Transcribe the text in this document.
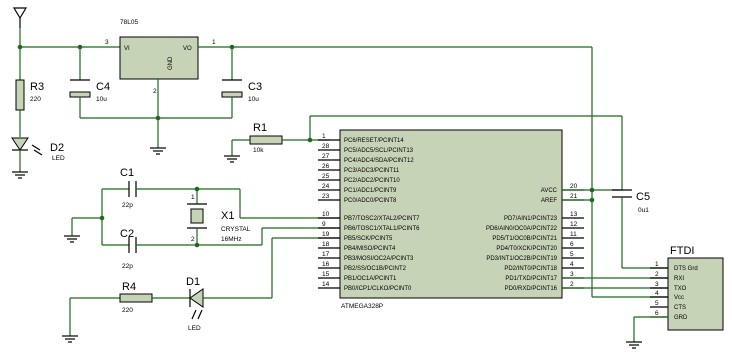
R3
220
D2
LED
C4
10u
78L05
VI	VO
GND
3	1
2	C3
10u
R1
10k
C1
22p
C2
22p
1
2
X1
CRYSTAL
16MHz
R4
220
D1
LED
ATMEGA328P
1
PC6/RESET/PCINT14
28
PC5/ADC5/SCL/PCINT13
27
PC4/ADC4/SDA/PCINT12
26
PC3/ADC3/PCINT11
25
PC2/ADC2/PCINT10
24
PC1/ADC1/PCINT9
23
PC0/ADC0/PCINT8
10
PB7/TOSC2/XTAL2/PCINT7
9
PB6/TOSC1/XTAL1/PCINT6
19
PB5/SCK/PCINT5
18
PB4/MISO/PCINT4
17
PB3/MOSI/OC2A/PCINT3
16
PB2/SS/OC1B/PCINT2
15
PB1/OC1A/PCINT1
14
PB0/ICP1/CLKO/PCINT0
20
AVCC
21
AREF
13
PD7/AIN1/PCINT23
12
PD6/AIN0/OC0A/PCINT22
11
PD5/T1/OC0B/PCINT21
6
PD4/T0/XCK/PCINT20
5
PD3/INT1/OC2B/PCINT19
4
PD2/INT0/PCINT18
3
PD1/TXD/PCINT17
2
PD0/RXD/PCINT16
C5
0u1
FTDI
1
DTS Grd
2
RXI
3
TXO
4
Vcc
5
CTS
6
GRD
